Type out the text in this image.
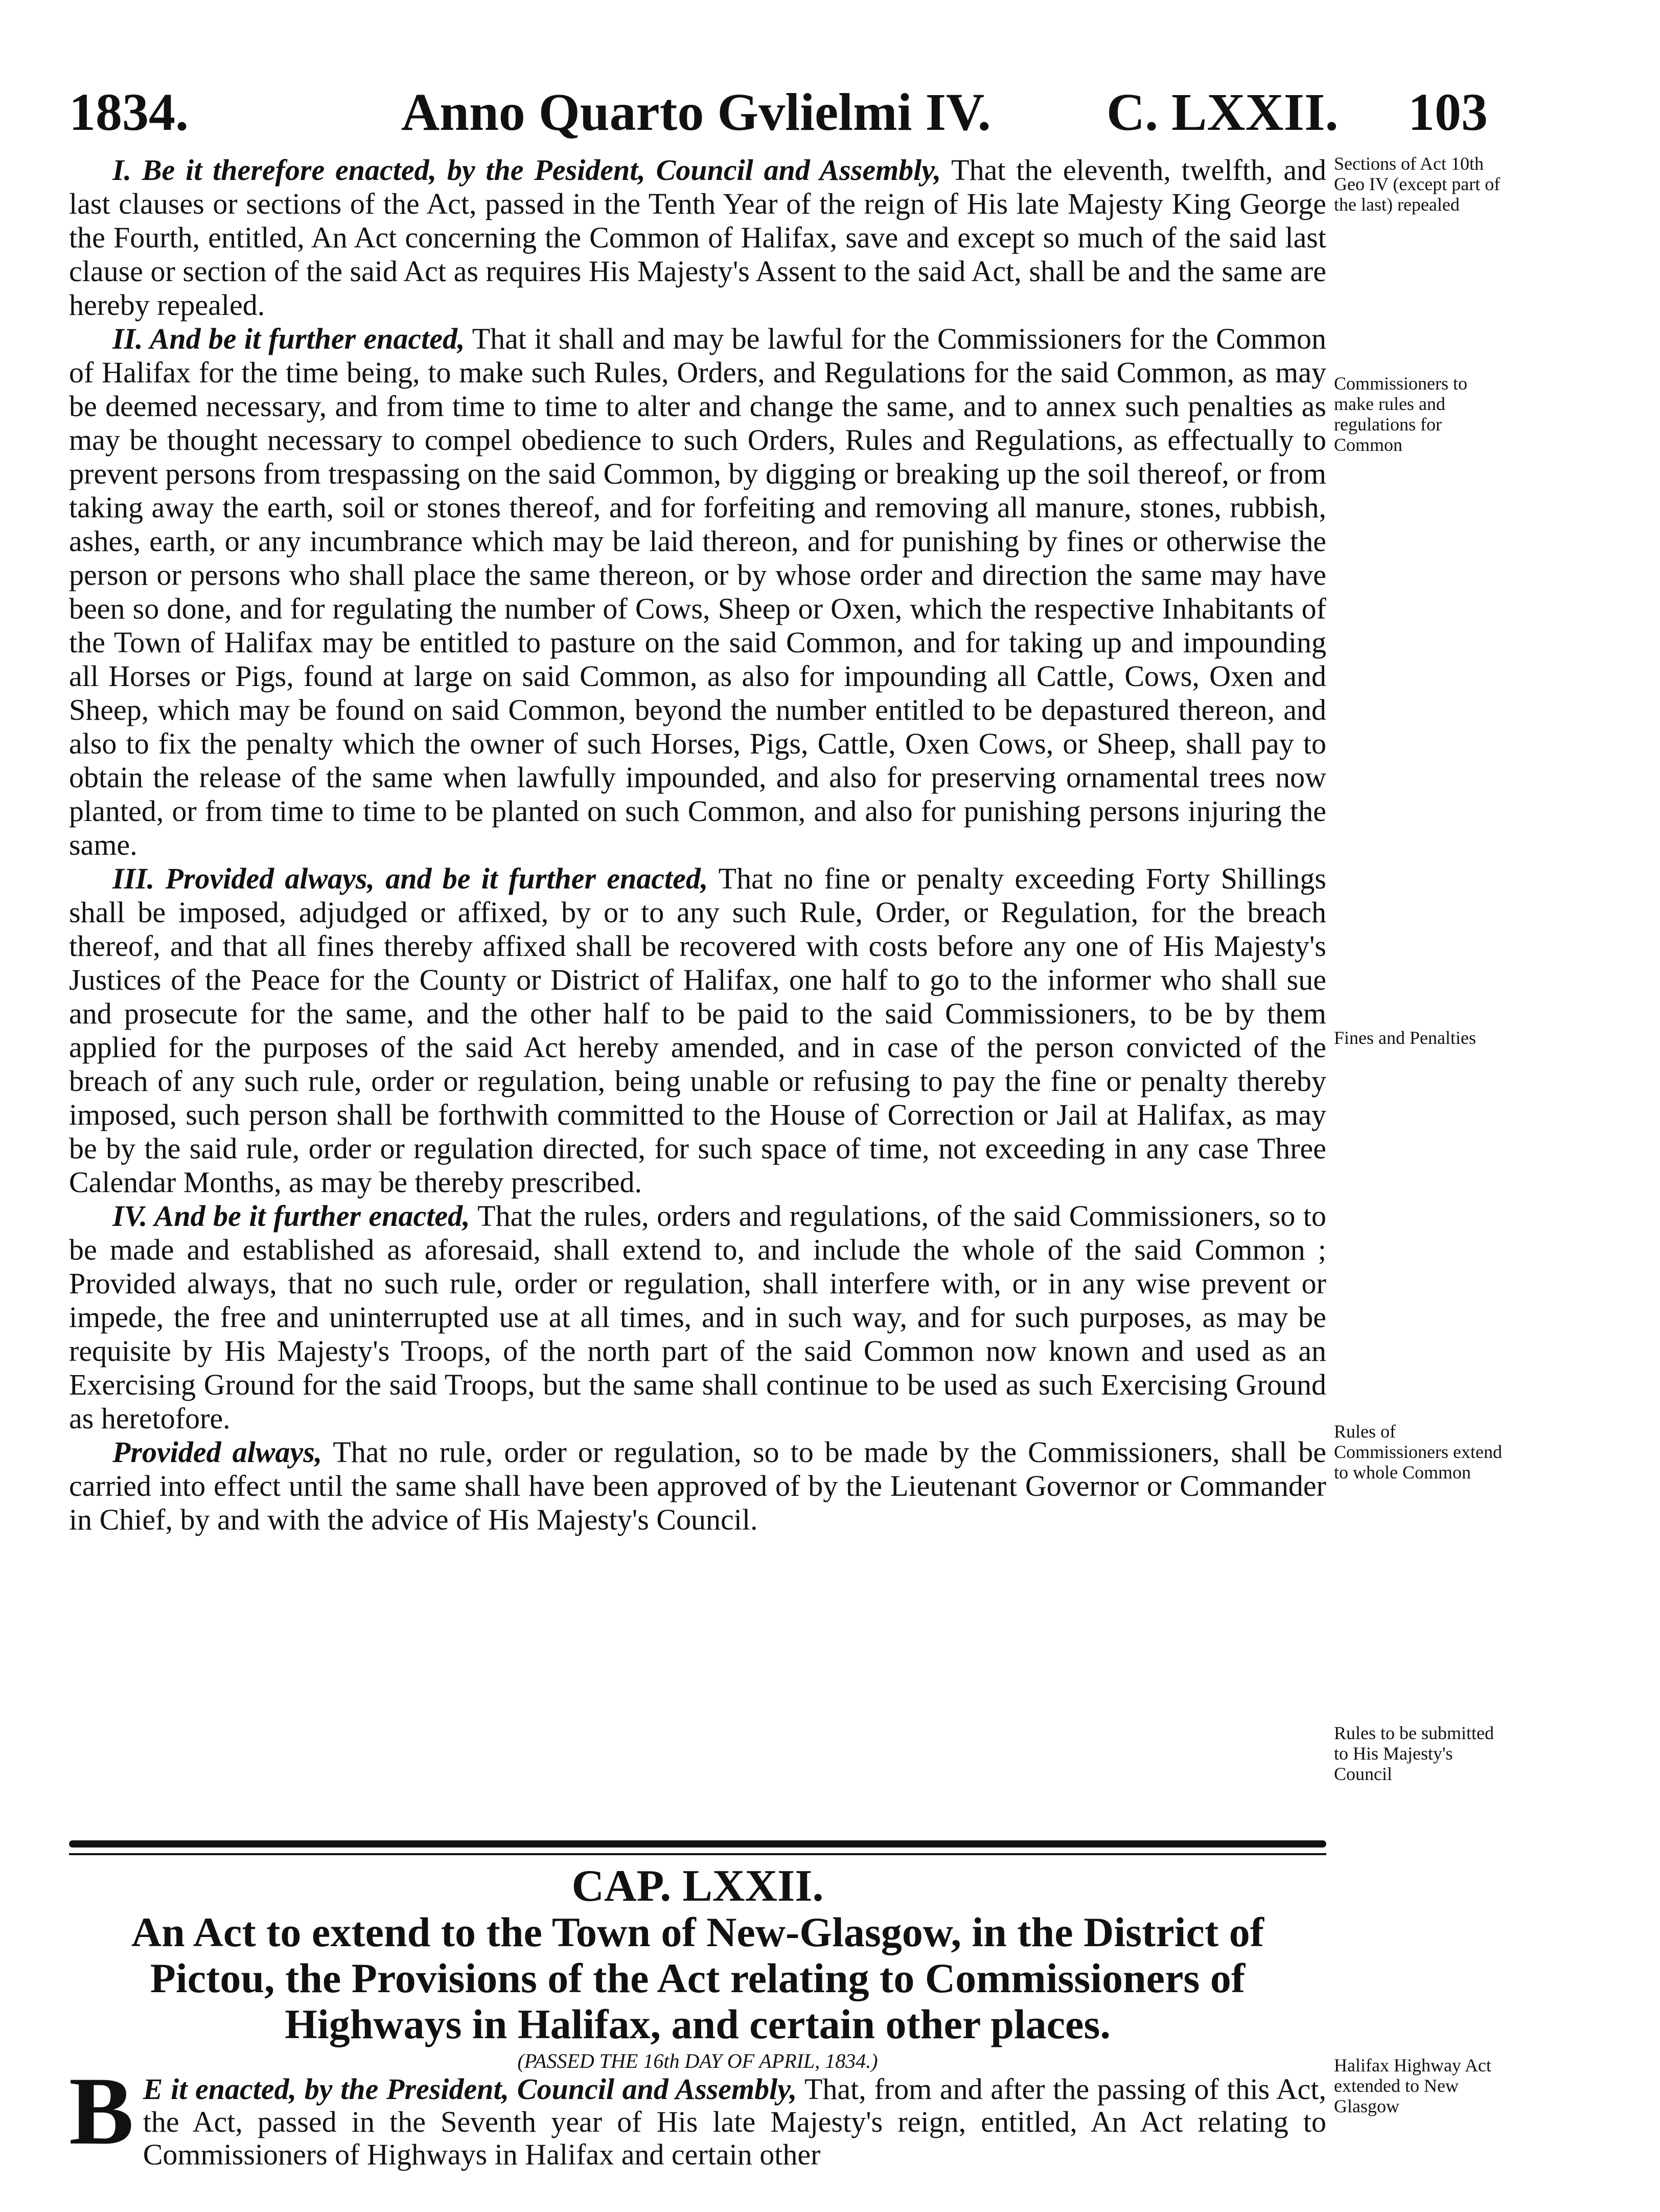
1834.	Anno Quarto Gvlielmi IV. C. LXXII. 103

I. Be it therefore enacted, by the Pesident, Council and Assembly, That the eleventh, twelfth, and last clauses or sections of the Act, passed in the Tenth Year of the reign of His late Majesty King George the Fourth, entitled, An Act concerning the Common of Halifax, save and except so much of the said last clause or section of the said Act as requires His Majesty's Assent to the said Act, shall be and the same are hereby repealed.

II. And be it further enacted, That it shall and may be lawful for the Commissioners for the Common of Halifax for the time being, to make such Rules, Orders, and Regulations for the said Common, as may be deemed necessary, and from time to time to alter and change the same, and to annex such penalties as may be thought necessary to compel obedience to such Orders, Rules and Regulations, as effectually to prevent persons from trespassing on the said Common, by digging or breaking up the soil thereof, or from taking away the earth, soil or stones thereof, and for forfeiting and removing all manure, stones, rubbish, ashes, earth, or any incumbrance which may be laid thereon, and for punishing by fines or otherwise the person or persons who shall place the same thereon, or by whose order and direction the same may have been so done, and for regulating the number of Cows, Sheep or Oxen, which the respective Inhabitants of the Town of Halifax may be entitled to pasture on the said Common, and for taking up and impounding all Horses or Pigs, found at large on said Common, as also for impounding all Cattle, Cows, Oxen and Sheep, which may be found on said Common, beyond the number entitled to be depastured thereon, and also to fix the penalty which the owner of such Horses, Pigs, Cattle, Oxen Cows, or Sheep, shall pay to obtain the release of the same when lawfully impounded, and also for preserving ornamental trees now planted, or from time to time to be planted on such Common, and also for punishing persons injuring the same.

III. Provided always, and be it further enacted, That no fine or penalty exceeding Forty Shillings shall be imposed, adjudged or affixed, by or to any such Rule, Order, or Regulation, for the breach thereof, and that all fines thereby affixed shall be recovered with costs before any one of His Majesty's Justices of the Peace for the County or District of Halifax, one half to go to the informer who shall sue and prosecute for the same, and the other half to be paid to the said Commissioners, to be by them applied for the purposes of the said Act hereby amended, and in case of the person convicted of the breach of any such rule, order or regulation, being unable or refusing to pay the fine or penalty thereby imposed, such person shall be forthwith committed to the House of Correction or Jail at Halifax, as may be by the said rule, order or regulation directed, for such space of time, not exceeding in any case Three Calendar Months, as may be thereby prescribed.

IV. And be it further enacted, That the rules, orders and regulations, of the said Commissioners, so to be made and established as aforesaid, shall extend to, and include the whole of the said Common ; Provided always, that no such rule, order or regulation, shall interfere with, or in any wise prevent or impede, the free and uninterrupted use at all times, and in such way, and for such purposes, as may be requisite by His Majesty's Troops, of the north part of the said Common now known and used as an Exercising Ground for the said Troops, but the same shall continue to be used as such Exercising Ground as heretofore.

Provided always, That no rule, order or regulation, so to be made by the Commissioners, shall be carried into effect until the same shall have been approved of by the Lieutenant Governor or Commander in Chief, by and with the advice of His Majesty's Council.

Sections of Act 10th Geo IV (except part of the last) repealed
Commissioners to make rules and regulations for Common
Fines and Penalties
Rules of Commissioners extend to whole Common
Rules to be submitted to His Majesty's Council
Halifax Highway Act extended to New Glasgow
CAP. LXXII.
An Act to extend to the Town of New-Glasgow, in the District of Pictou, the Provisions of the Act relating to Commissioners of Highways in Halifax, and certain other places.
(PASSED THE 16th DAY OF APRIL, 1834.)
B E it enacted, by the President, Council and Assembly, That, from and after the passing of this Act, the Act, passed in the Seventh year of His late Majesty's reign, entitled, An Act relating to Commissioners of Highways in Halifax and certain other
